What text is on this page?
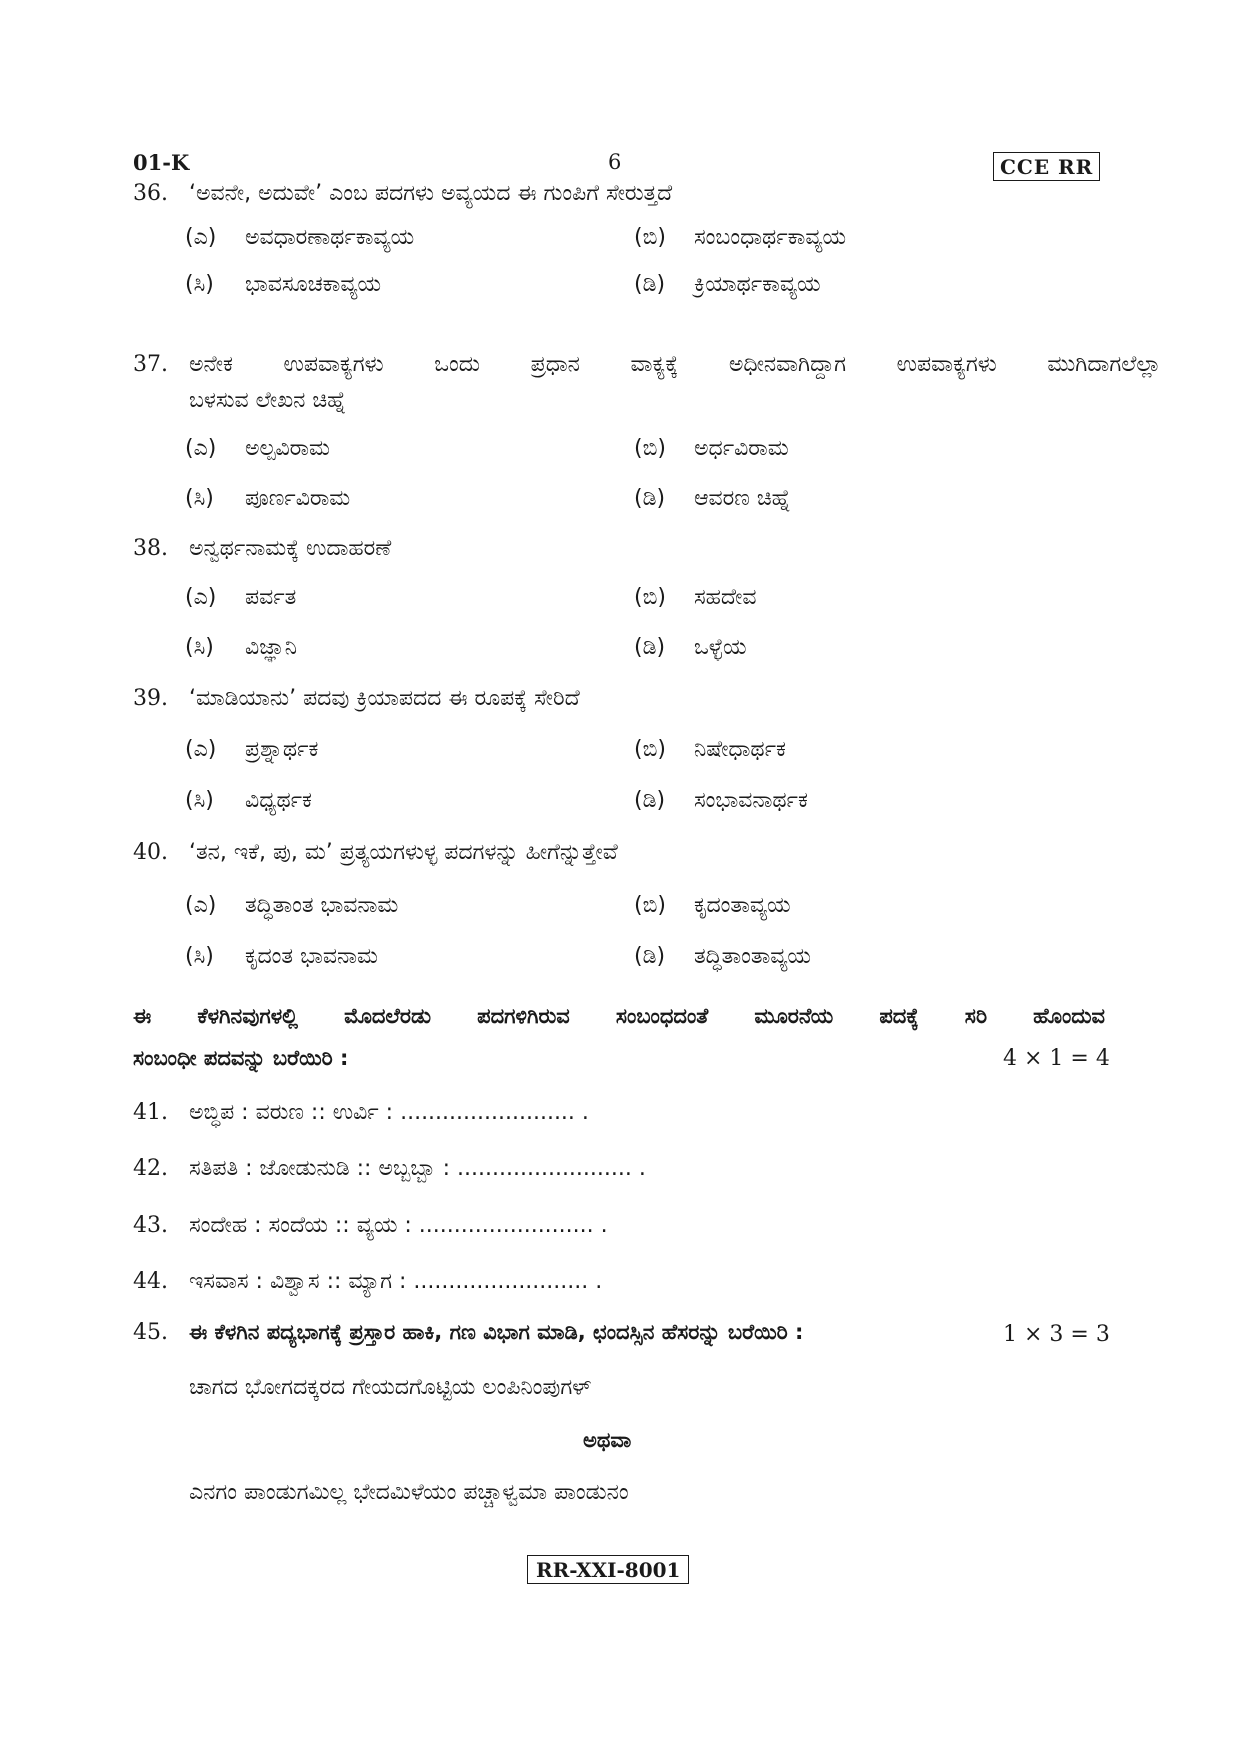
01-K	6	CCE RR
36. ‘ಅವನೇ, ಅದುವೇ’ ಎಂಬ ಪದಗಳು ಅವ್ಯಯದ ಈ ಗುಂಪಿಗೆ ಸೇರುತ್ತದೆ
(ಎ) ಅವಧಾರಣಾರ್ಥಕಾವ್ಯಯ	(ಬಿ) ಸಂಬಂಧಾರ್ಥಕಾವ್ಯಯ
(ಸಿ) ಭಾವಸೂಚಕಾವ್ಯಯ	(ಡಿ) ಕ್ರಿಯಾರ್ಥಕಾವ್ಯಯ
37. ಅನೇಕ ಉಪವಾಕ್ಯಗಳು ಒಂದು ಪ್ರಧಾನ ವಾಕ್ಯಕ್ಕೆ ಅಧೀನವಾಗಿದ್ದಾಗ ಉಪವಾಕ್ಯಗಳು ಮುಗಿದಾಗಲೆಲ್ಲಾ
ಬಳಸುವ ಲೇಖನ ಚಿಹ್ನೆ
(ಎ) ಅಲ್ಪವಿರಾಮ	(ಬಿ) ಅರ್ಧವಿರಾಮ
(ಸಿ) ಪೂರ್ಣವಿರಾಮ	(ಡಿ) ಆವರಣ ಚಿಹ್ನೆ
38. ಅನ್ವರ್ಥನಾಮಕ್ಕೆ ಉದಾಹರಣೆ
(ಎ) ಪರ್ವತ	(ಬಿ) ಸಹದೇವ
(ಸಿ) ವಿಜ್ಞಾನಿ	(ಡಿ) ಒಳ್ಳೆಯ
39. ‘ಮಾಡಿಯಾನು’ ಪದವು ಕ್ರಿಯಾಪದದ ಈ ರೂಪಕ್ಕೆ ಸೇರಿದೆ
(ಎ) ಪ್ರಶ್ನಾರ್ಥಕ	(ಬಿ) ನಿಷೇಧಾರ್ಥಕ
(ಸಿ) ವಿಧ್ಯರ್ಥಕ	(ಡಿ) ಸಂಭಾವನಾರ್ಥಕ
40. ‘ತನ, ಇಕೆ, ಪು, ಮ’ ಪ್ರತ್ಯಯಗಳುಳ್ಳ ಪದಗಳನ್ನು ಹೀಗೆನ್ನುತ್ತೇವೆ
(ಎ) ತದ್ಧಿತಾಂತ ಭಾವನಾಮ	(ಬಿ) ಕೃದಂತಾವ್ಯಯ
(ಸಿ) ಕೃದಂತ ಭಾವನಾಮ	(ಡಿ) ತದ್ಧಿತಾಂತಾವ್ಯಯ
ಈ ಕೆಳಗಿನವುಗಳಲ್ಲಿ ಮೊದಲೆರಡು ಪದಗಳಿಗಿರುವ ಸಂಬಂಧದಂತೆ ಮೂರನೆಯ ಪದಕ್ಕೆ ಸರಿ ಹೊಂದುವ
ಸಂಬಂಧೀ ಪದವನ್ನು ಬರೆಯಿರಿ :	4 × 1 = 4
41. ಅಬ್ಧಿಪ : ವರುಣ :: ಉರ್ವಿ : ......................... .
42. ಸತಿಪತಿ : ಜೋಡುನುಡಿ :: ಅಬ್ಬಬ್ಬಾ : ......................... .
43. ಸಂದೇಹ : ಸಂದೆಯ :: ವ್ಯಯ : ......................... .
44. ಇಸವಾಸ : ವಿಶ್ವಾಸ :: ಮ್ಯಾಗ : ......................... .
45. ಈ ಕೆಳಗಿನ ಪದ್ಯಭಾಗಕ್ಕೆ ಪ್ರಸ್ತಾರ ಹಾಕಿ, ಗಣ ವಿಭಾಗ ಮಾಡಿ, ಛಂದಸ್ಸಿನ ಹೆಸರನ್ನು ಬರೆಯಿರಿ :	1 × 3 = 3
ಚಾಗದ ಭೋಗದಕ್ಕರದ ಗೇಯದಗೊಟ್ಟಿಯ ಲಂಪಿನಿಂಪುಗಳ್
ಅಥವಾ
ಎನಗಂ ಪಾಂಡುಗಮಿಲ್ಲ ಭೇದಮಿಳೆಯಂ ಪಚ್ಚಾಳ್ವಮಾ ಪಾಂಡುನಂ
RR-XXI-8001
